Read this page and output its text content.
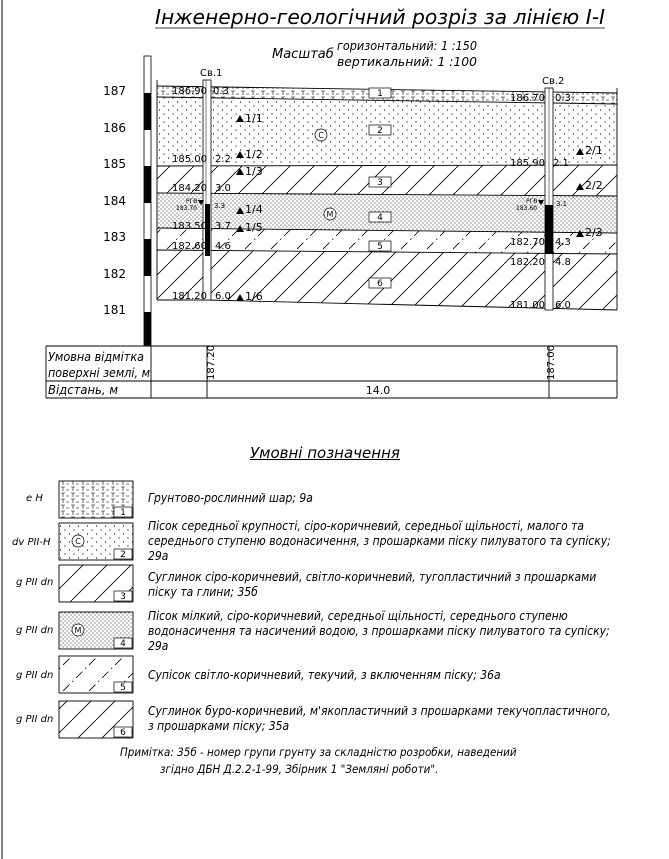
Інженерно-геологічний розріз за лінією I-I
Масштаб
горизонтальний: 1 :150
вертикальний: 1 :100
187
186
185
184
183
182
181
Св.1
186.90 0.3
185.00 2.2
184.20 3.0
183.50 3.7
182.60 4.6
181.20 6.0
РГВ
183.70 3.3
Св.2
186.70 0.3
185.90 2.1
182.70 4.3
182.20 4.8
181.00 6.0
РГВ
183.60
3.1
1
2
3
4
5
6
С
М
1/1
1/2
1/3
1/4
1/5
1/6
2/1
2/2
2/3
Умовна відмітка
поверхні землі, м
Відстань, м
187.20	187.00
14.0
1
2
3
4
5
6
С
М
Умовні позначення
e H
dv PII-H
g PII dn
g PII dn
g PII dn
g PII dn
Грунтово-рослинний шар; 9а
Пісок середньої крупності, сіро-коричневий, середньої щільності, малого та середнього ступеню водонасичення, з прошарками піску пилуватого та супіску; 29а
Суглинок сіро-коричневий, світло-коричневий, тугопластичний з прошарками піску та глини; 35б
Пісок мілкий, сіро-коричневий, середньої щільності, середнього ступеню водонасичення та насичений водою, з прошарками піску пилуватого та супіску; 29а
Супісок світло-коричневий, текучий, з включенням піску; 36а
Суглинок буро-коричневий, м'якопластичний з прошарками текучопластичного, з прошарками піску; 35а
Примітка: 35б - номер групи грунту за складністю розробки, наведений
згідно ДБН Д.2.2-1-99, Збірник 1 "Земляні роботи".
